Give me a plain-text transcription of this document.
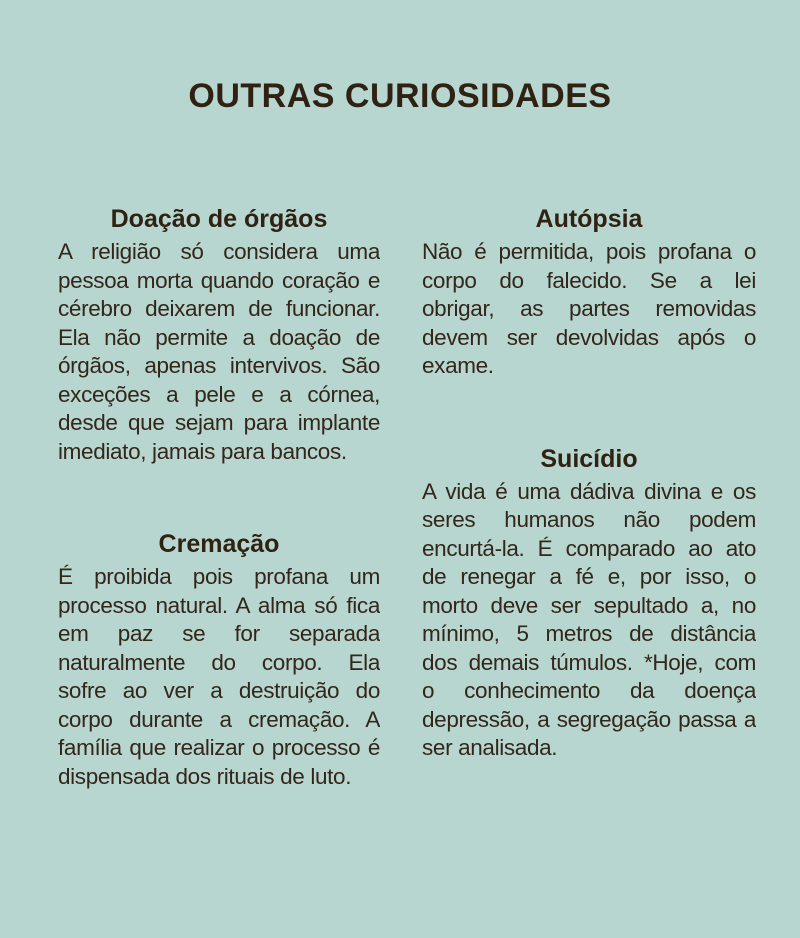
OUTRAS CURIOSIDADES
Doação de órgãos
A religião só considera uma
pessoa morta quando coração e
cérebro deixarem de funcionar.
Ela não permite a doação de
órgãos, apenas intervivos. São
exceções a pele e a córnea,
desde que sejam para implante
imediato, jamais para bancos.
Cremação
É proibida pois profana um
processo natural. A alma só fica
em paz se for separada
naturalmente do corpo. Ela
sofre ao ver a destruição do
corpo durante a cremação. A
família que realizar o processo é
dispensada dos rituais de luto.
Autópsia
Não é permitida, pois profana o
corpo do falecido. Se a lei
obrigar, as partes removidas
devem ser devolvidas após o
exame.
Suicídio
A vida é uma dádiva divina e os
seres humanos não podem
encurtá-la. É comparado ao ato
de renegar a fé e, por isso, o
morto deve ser sepultado a, no
mínimo, 5 metros de distância
dos demais túmulos. *Hoje, com
o conhecimento da doença
depressão, a segregação passa a
ser analisada.
